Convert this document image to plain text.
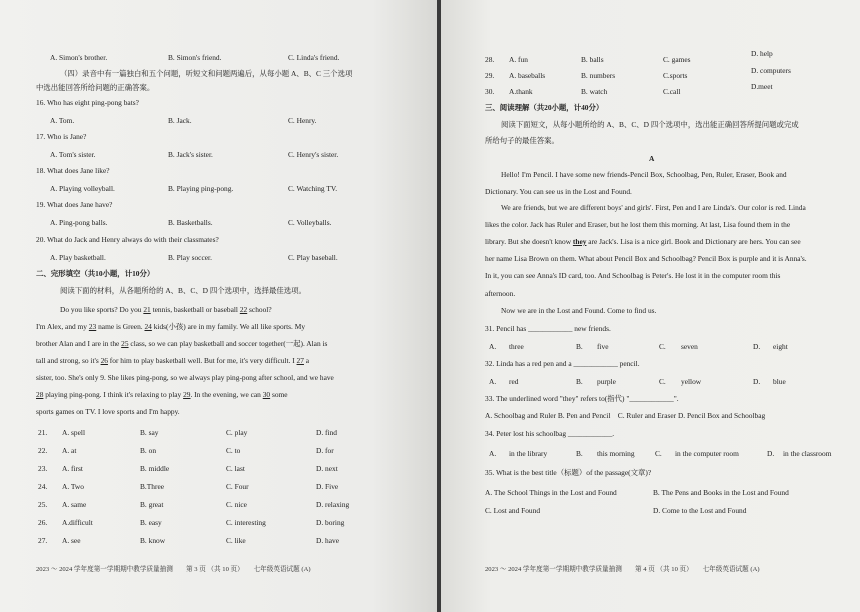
A. Simon's brother.	B. Simon's friend.	C. Linda's friend.
（四）录音中有一篇独白和五个问题，听短文和问题两遍后，从每小题 A、B、C 三个选项
中选出能回答所给问题的正确答案。
16. Who has eight ping-pong bats?
A. Tom.	B. Jack.	C. Henry.
17. Who is Jane?
A. Tom's sister.	B. Jack's sister.	C. Henry's sister.
18. What does Jane like?
A. Playing volleyball.	B. Playing ping-pong.	C. Watching TV.
19. What does Jane have?
A. Ping-pong balls.	B. Basketballs.	C. Volleyballs.
20. What do Jack and Henry always do with their classmates?
A. Play basketball.	B. Play soccer.	C. Play baseball.
二、完形填空（共10小题，计10分）
阅读下面的材料，从各题所给的 A、B、C、D 四个选项中，选择最佳选项。
Do you like sports? Do you 21 tennis, basketball or baseball 22 school?
I'm Alex, and my 23 name is Green. 24 kids(小孩) are in my family. We all like sports. My
brother Alan and I are in the 25 class, so we can play basketball and soccer together(一起). Alan is
tall and strong, so it's 26 for him to play basketball well. But for me, it's very difficult. I 27 a
sister, too. She's only 9. She likes ping-pong, so we always play ping-pong after school, and we have
28 playing ping-pong. I think it's relaxing to play 29. In the evening, we can 30 some
sports games on TV. I love sports and I'm happy.
21. A. spell	B. say	C. play	D. find
22. A. at	B. on	C. to	D. for
23. A. first	B. middle	C. last	D. next
24. A. Two	B.Three	C. Four	D. Five
25. A. same	B. great	C. nice	D. relaxing
26. A.difficult	B. easy	C. interesting	D. boring
27. A. see	B. know	C. like	D. have
2023 ～ 2024 学年度第一学期期中教学质量抽测　　第 3 页 （共 10 页）　　七年级英语试题 (A)
28. A. fun	B. balls	C. games
D. help
29. A. baseballs	B. numbers	C.sports
D. computers
30. A.thank	B. watch	C.call
D.meet
三、阅读理解（共20小题，计40分）
阅读下面短文，从每小题所给的 A、B、C、D 四个选项中，选出能正确回答所提问题或完成
所给句子的最佳答案。
A
Hello! I'm Pencil. I have some new friends-Pencil Box, Schoolbag, Pen, Ruler, Eraser, Book and
Dictionary. You can see us in the Lost and Found.
We are friends, but we are different boys' and girls'. First, Pen and I are Linda's. Our color is red. Linda
likes the color. Jack has Ruler and Eraser, but he lost them this morning. At last, Lisa found them in the
library. But she doesn't know they are Jack's. Lisa is a nice girl. Book and Dictionary are hers. You can see
her name Lisa Brown on them. What about Pencil Box and Schoolbag? Pencil Box is purple and it is Anna's.
In it, you can see Anna's ID card, too. And Schoolbag is Peter's. He lost it in the computer room this
afternoon.
Now we are in the Lost and Found. Come to find us.
31. Pencil has ____________ new friends.
A. three	B. five	C. seven	D. eight
32. Linda has a red pen and a ____________ pencil.
A. red	B. purple	C. yellow	D. blue
33. The underlined word "they" refers to(指代) "____________".
A. Schoolbag and Ruler B. Pen and Pencil　C. Ruler and Eraser D. Pencil Box and Schoolbag
34. Peter lost his schoolbag ____________.
A. in the library	B. this morning	C. in the computer room	D. in the classroom
35. What is the best title（标题）of the passage(文章)?
A. The School Things in the Lost and Found	B. The Pens and Books in the Lost and Found
C. Lost and Found	D. Come to the Lost and Found
2023 ～ 2024 学年度第一学期期中教学质量抽测　　第 4 页 （共 10 页）　　七年级英语试题 (A)
